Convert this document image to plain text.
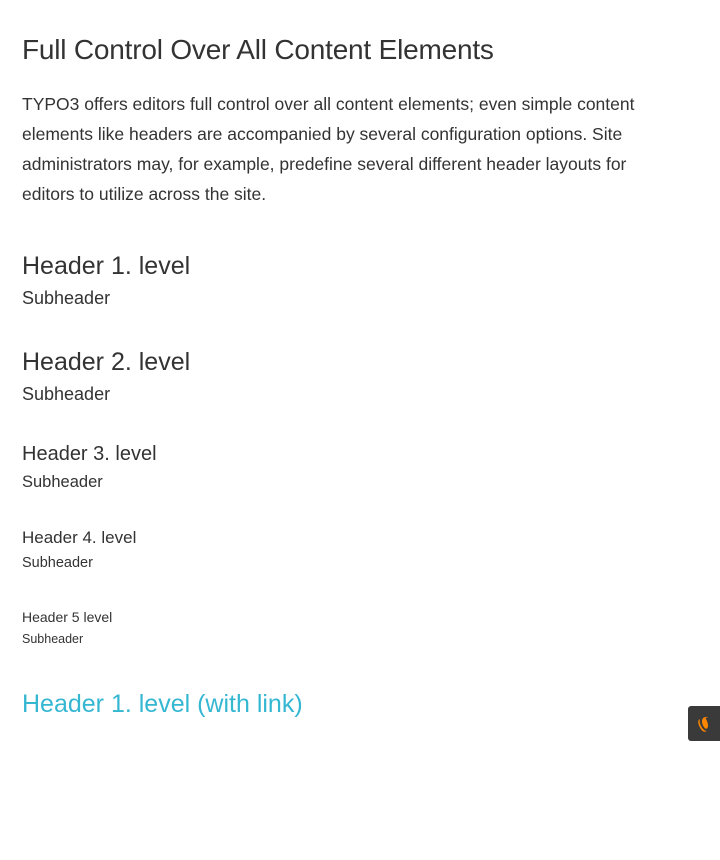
Full Control Over All Content Elements

TYPO3 offers editors full control over all content elements; even simple content elements like headers are accompanied by several configuration options. Site administrators may, for example, predefine several different header layouts for editors to utilize across the site.

Header 1. level
Subheader
Header 2. level
Subheader
Header 3. level
Subheader
Header 4. level
Subheader
Header 5 level
Subheader
Header 1. level (with link)
